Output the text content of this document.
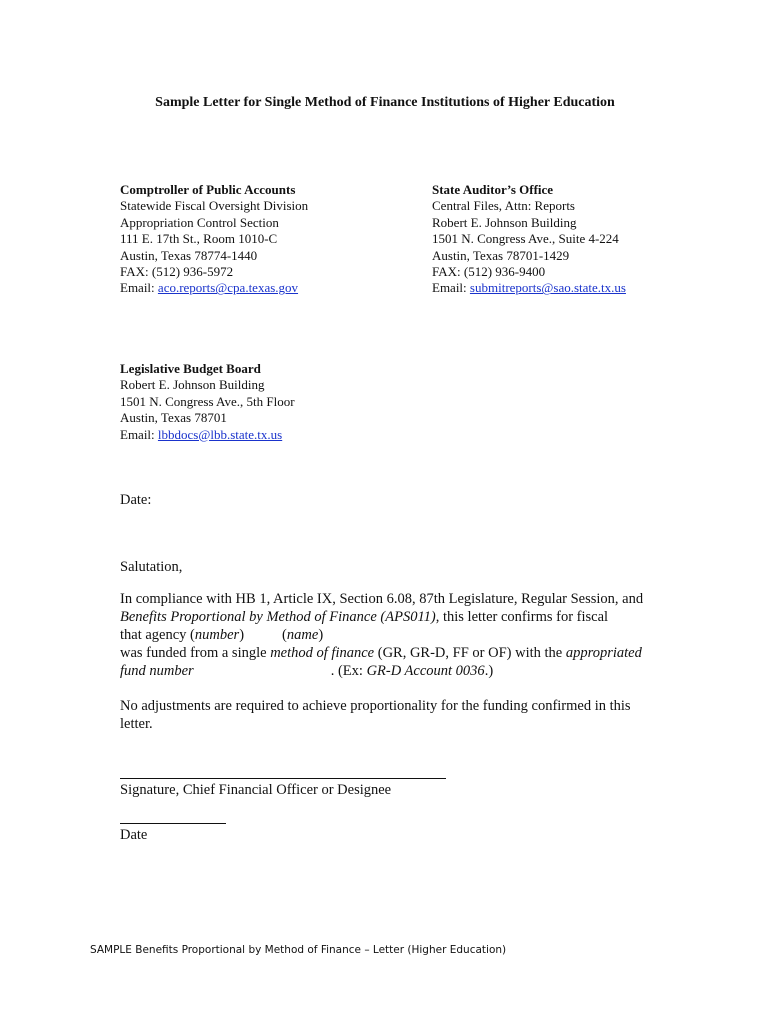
Sample Letter for Single Method of Finance Institutions of Higher Education
Comptroller of Public Accounts
Statewide Fiscal Oversight Division
Appropriation Control Section
111 E. 17th St., Room 1010-C
Austin, Texas 78774-1440
FAX: (512) 936-5972
Email: aco.reports@cpa.texas.gov
State Auditor’s Office
Central Files, Attn: Reports
Robert E. Johnson Building
1501 N. Congress Ave., Suite 4-224
Austin, Texas 78701-1429
FAX: (512) 936-9400
Email: submitreports@sao.state.tx.us
Legislative Budget Board
Robert E. Johnson Building
1501 N. Congress Ave., 5th Floor
Austin, Texas 78701
Email: lbbdocs@lbb.state.tx.us
Date:
Salutation,
In compliance with HB 1, Article IX, Section 6.08, 87th Legislature, Regular Session, and
Benefits Proportional by Method of Finance (APS011), this letter confirms for fiscal
that agency (number)	(name)
was funded from a single method of finance (GR, GR-D, FF or OF) with the appropriated
fund number	. (Ex: GR-D Account 0036.)
No adjustments are required to achieve proportionality for the funding confirmed in this
letter.
Signature, Chief Financial Officer or Designee
Date
SAMPLE Benefits Proportional by Method of Finance – Letter (Higher Education)
